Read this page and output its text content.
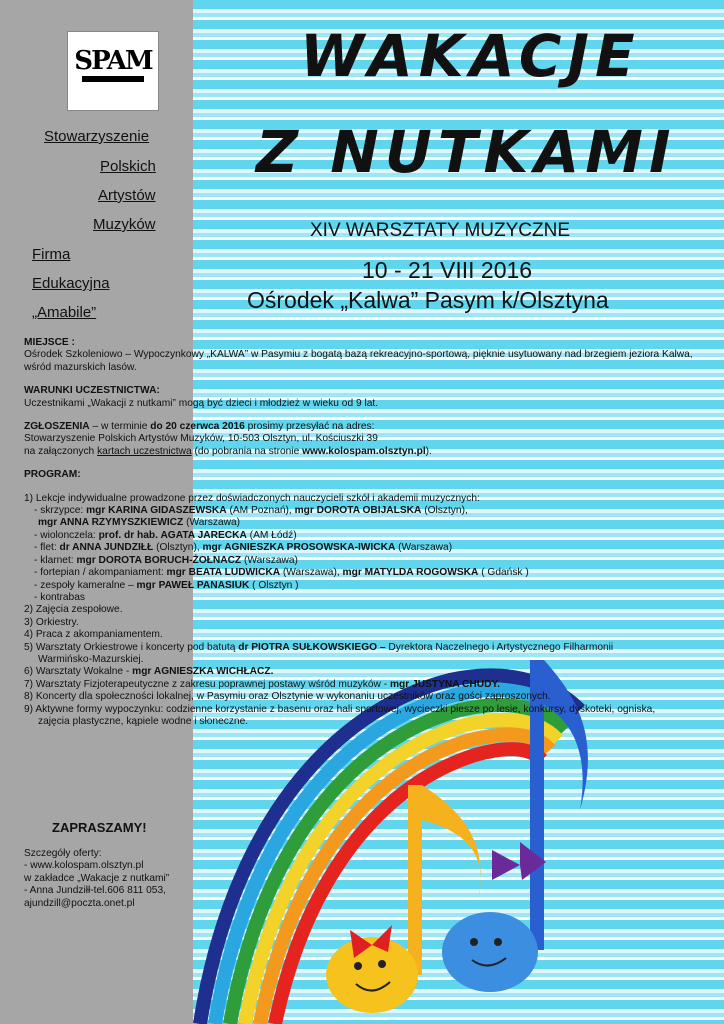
SPAM
Stowarzyszenie
Polskich
Artystów
Muzyków
Firma
Edukacyjna
„Amabile”
WAKACJE
Z NUTKAMI
XIV WARSZTATY MUZYCZNE
10 - 21 VIII 2016
Ośrodek „Kalwa” Pasym k/Olsztyna

MIEJSCE :

Ośrodek Szkoleniowo – Wypoczynkowy „KALWA” w Pasymiu z bogatą bazą rekreacyjno-sportową, pięknie usytuowany nad brzegiem jeziora Kalwa, wśród mazurskich lasów.

WARUNKI UCZESTNICTWA:

Uczestnikami „Wakacji z nutkami” mogą być dzieci i młodzież w wieku od 9 lat.

ZGŁOSZENIA – w terminie do 20 czerwca 2016 prosimy przesyłać na adres:

Stowarzyszenie Polskich Artystów Muzyków, 10-503 Olsztyn, ul. Kościuszki 39

na załączonych kartach uczestnictwa (do pobrania na stronie www.kolospam.olsztyn.pl).

PROGRAM:

1) Lekcje indywidualne prowadzone przez doświadczonych nauczycieli szkół i akademii muzycznych:

- skrzypce: mgr KARINA GIDASZEWSKA (AM Poznań), mgr DOROTA OBIJALSKA (Olsztyn),

mgr ANNA RZYMYSZKIEWICZ (Warszawa)

- wiolonczela: prof. dr hab. AGATA JARECKA (AM Łódź)

- flet: dr ANNA JUNDZIŁŁ (Olsztyn), mgr AGNIESZKA PROSOWSKA-IWICKA (Warszawa)

- klarnet: mgr DOROTA BORUCH-ŻOŁNACZ (Warszawa)

- fortepian / akompaniament: mgr BEATA LUDWICKA (Warszawa), mgr MATYLDA ROGOWSKA ( Gdańsk )

- zespoły kameralne – mgr PAWEŁ PANASIUK ( Olsztyn )

- kontrabas

2) Zajęcia zespołowe.

3) Orkiestry.

4) Praca z akompaniamentem.

5) Warsztaty Orkiestrowe i koncerty pod batutą dr PIOTRA SUŁKOWSKIEGO – Dyrektora Naczelnego i Artystycznego Filharmonii

Warmińsko-Mazurskiej.

6) Warsztaty Wokalne - mgr AGNIESZKA WICHŁACZ.

7) Warsztaty Fizjoterapeutyczne z zakresu poprawnej postawy wśród muzyków - mgr JUSTYNA CHUDY.

8) Koncerty dla społeczności lokalnej, w Pasymiu oraz Olsztynie w wykonaniu uczestników oraz gości zaproszonych.

9) Aktywne formy wypoczynku: codzienne korzystanie z basenu oraz hali sportowej, wycieczki piesze po lesie, konkursy, dyskoteki, ogniska,

zajęcia plastyczne, kąpiele wodne i słoneczne.

ZAPRASZAMY!
Szczegóły oferty:
- www.kolospam.olsztyn.pl
w zakładce „Wakacje z nutkami”
- Anna Jundziłł-tel.606 811 053,
ajundzill@poczta.onet.pl
